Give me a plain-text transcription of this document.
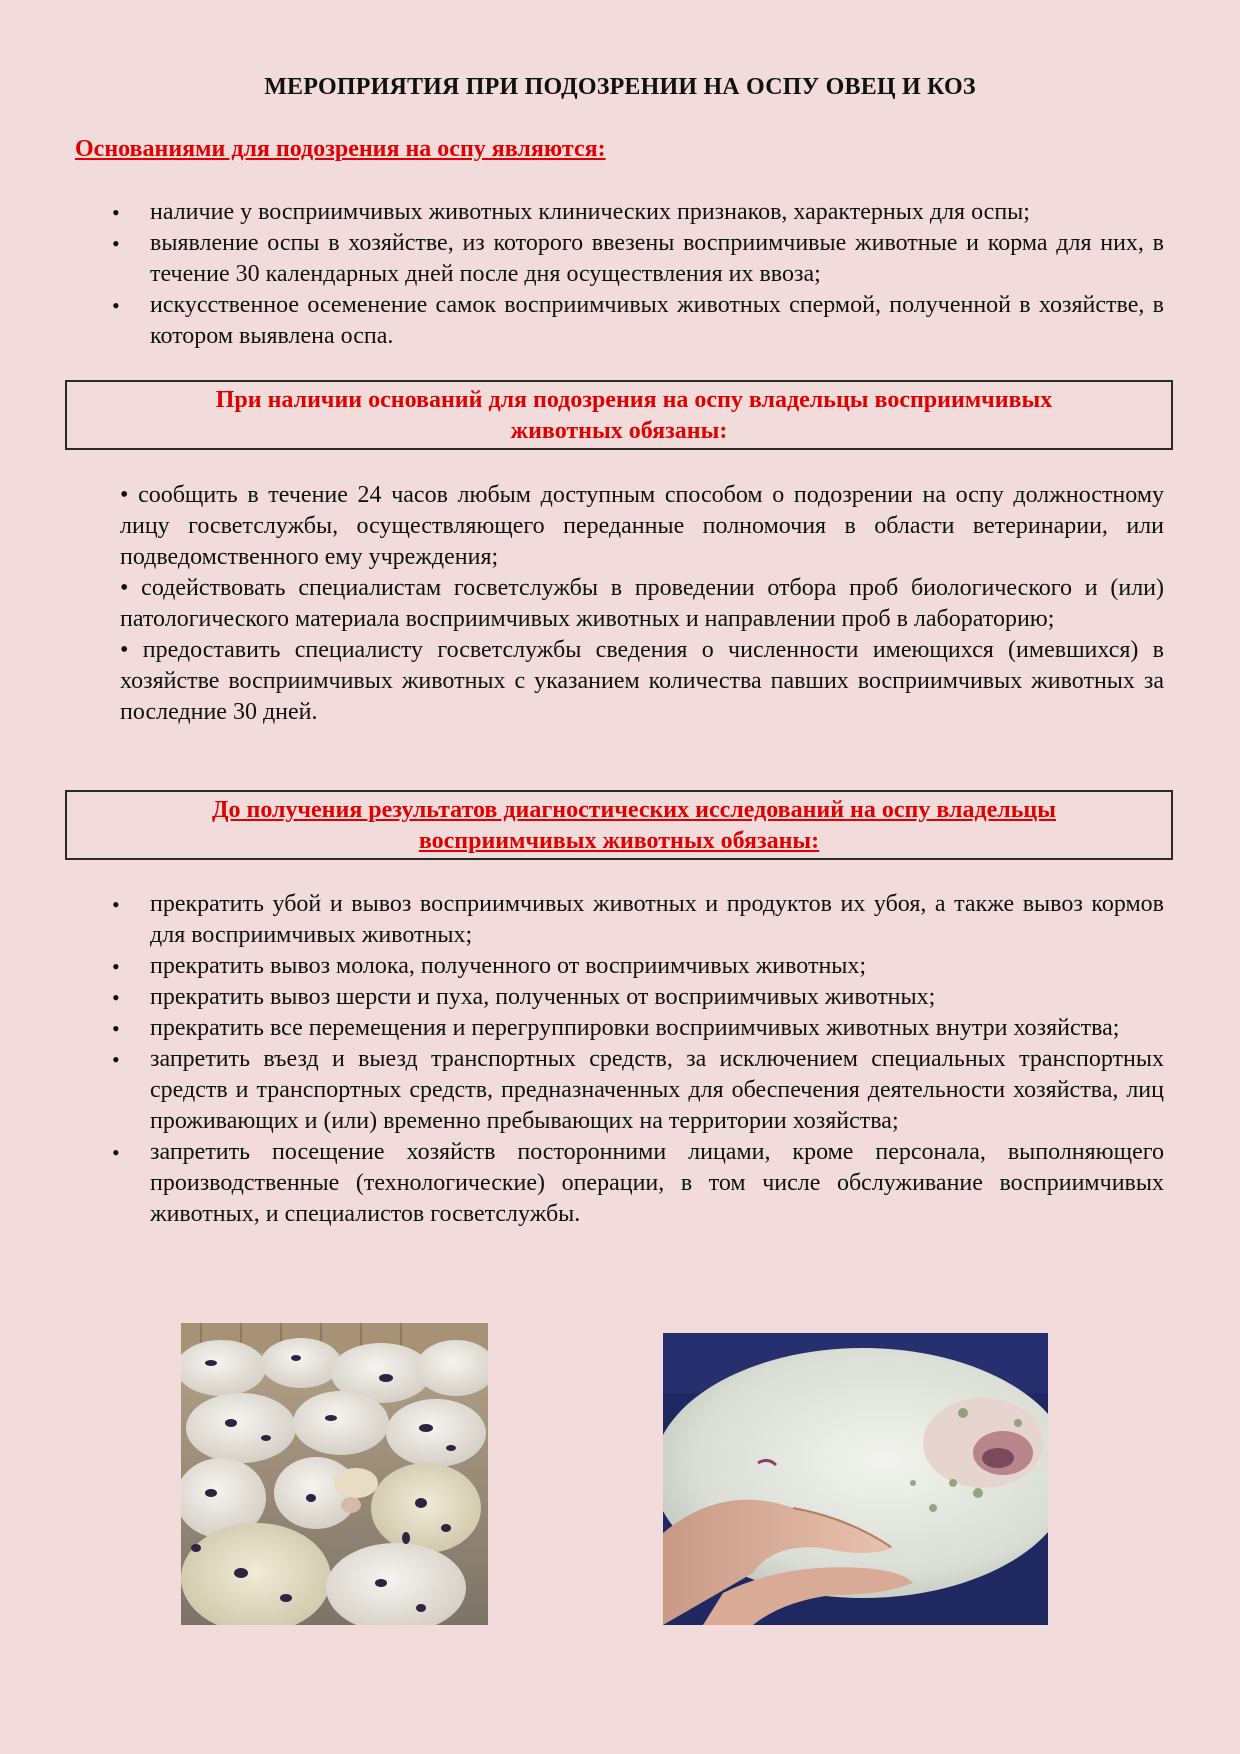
МЕРОПРИЯТИЯ ПРИ ПОДОЗРЕНИИ НА ОСПУ ОВЕЦ И КОЗ
Основаниями для подозрения на оспу являются:
• наличие у восприимчивых животных клинических признаков, характерных для оспы;
• выявление оспы в хозяйстве, из которого ввезены восприимчивые животные и корма для них, в течение 30 календарных дней после дня осуществления их ввоза;
• искусственное осеменение самок восприимчивых животных спермой, полученной в хозяйстве, в котором выявлена оспа.
При наличии оснований для подозрения на оспу владельцы восприимчивых
животных обязаны:

• сообщить в течение 24 часов любым доступным способом о подозрении на оспу должностному лицу госветслужбы, осуществляющего переданные полномочия в области ветеринарии, или подведомственного ему учреждения;

• содействовать специалистам госветслужбы в проведении отбора проб биологического и (или) патологического материала восприимчивых животных и направлении проб в лабораторию;

• предоставить специалисту госветслужбы сведения о численности имеющихся (имевшихся) в хозяйстве восприимчивых животных с указанием количества павших восприимчивых животных за последние 30 дней.

До получения результатов диагностических исследований на оспу владельцы
восприимчивых животных обязаны:
• прекратить убой и вывоз восприимчивых животных и продуктов их убоя, а также вывоз кормов для восприимчивых животных;
• прекратить вывоз молока, полученного от восприимчивых животных;
• прекратить вывоз шерсти и пуха, полученных от восприимчивых животных;
• прекратить все перемещения и перегруппировки восприимчивых животных внутри хозяйства;
• запретить въезд и выезд транспортных средств, за исключением специальных транспортных средств и транспортных средств, предназначенных для обеспечения деятельности хозяйства, лиц проживающих и (или) временно пребывающих на территории хозяйства;
• запретить посещение хозяйств посторонними лицами, кроме персонала, выполняющего производственные (технологические) операции, в том числе обслуживание восприимчивых животных, и специалистов госветслужбы.
